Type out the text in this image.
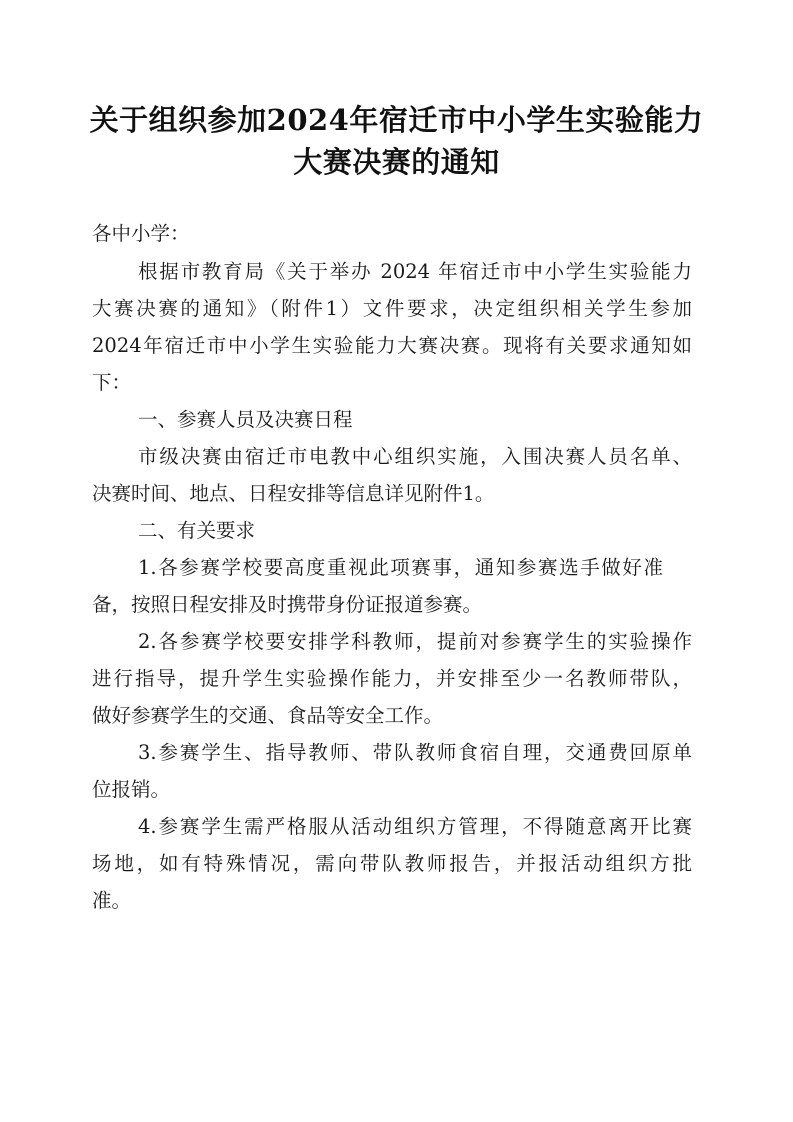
关于组织参加2024年宿迁市中小学生实验能力
大赛决赛的通知
各中小学：
根据市教育局《关于举办 2024 年宿迁市中小学生实验能力
大赛决赛的通知》（附件1）文件要求，决定组织相关学生参加
2024年宿迁市中小学生实验能力大赛决赛。现将有关要求通知如
下：
一、参赛人员及决赛日程
市级决赛由宿迁市电教中心组织实施，入围决赛人员名单、
决赛时间、地点、日程安排等信息详见附件1。
二、有关要求
1.各参赛学校要高度重视此项赛事，通知参赛选手做好准
备，按照日程安排及时携带身份证报道参赛。
2.各参赛学校要安排学科教师，提前对参赛学生的实验操作
进行指导，提升学生实验操作能力，并安排至少一名教师带队，
做好参赛学生的交通、食品等安全工作。
3.参赛学生、指导教师、带队教师食宿自理，交通费回原单
位报销。
4.参赛学生需严格服从活动组织方管理，不得随意离开比赛
场地，如有特殊情况，需向带队教师报告，并报活动组织方批
准。
